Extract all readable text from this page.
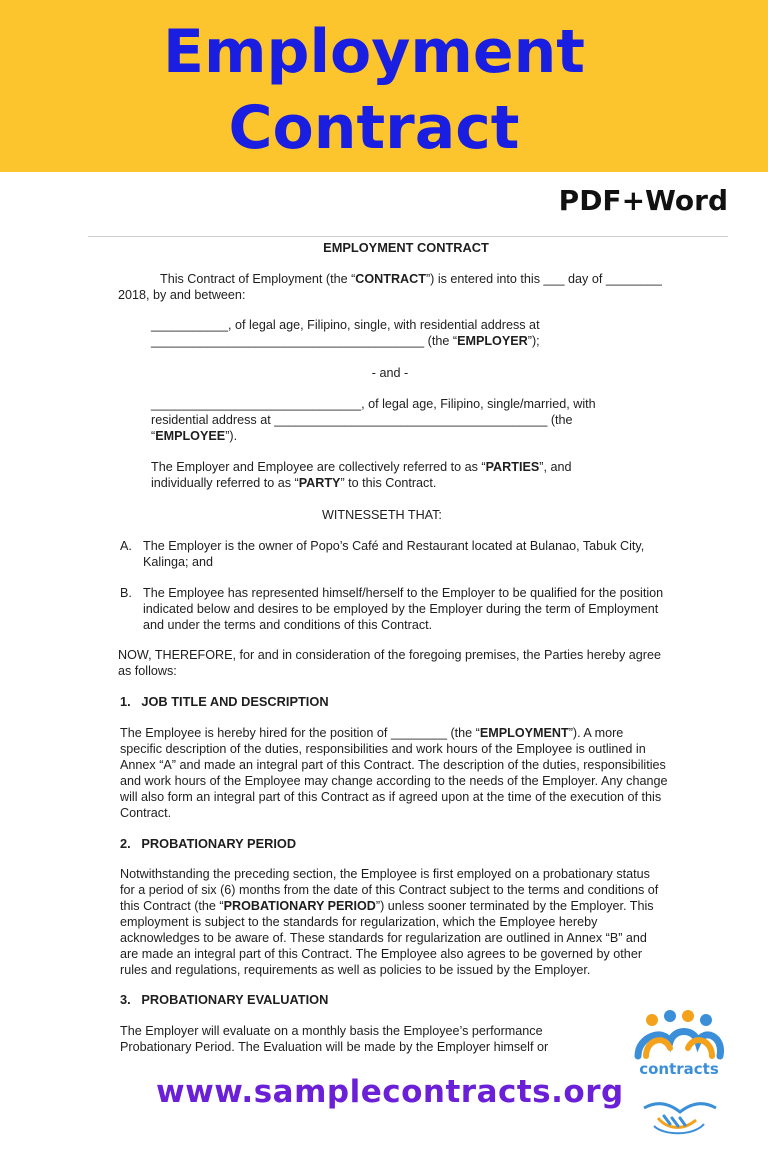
Employment
Contract
PDF+Word
EMPLOYMENT CONTRACT
This Contract of Employment (the “CONTRACT”) is entered into this ___ day of ________
2018, by and between:
___________, of legal age, Filipino, single, with residential address at
_______________________________________ (the “EMPLOYER”);
- and -
______________________________, of legal age, Filipino, single/married, with
residential address at _______________________________________ (the
“EMPLOYEE”).
The Employer and Employee are collectively referred to as “PARTIES”, and
individually referred to as “PARTY” to this Contract.
WITNESSETH THAT:
A. The Employer is the owner of Popo’s Café and Restaurant located at Bulanao, Tabuk City,
Kalinga; and
B. The Employee has represented himself/herself to the Employer to be qualified for the position
indicated below and desires to be employed by the Employer during the term of Employment
and under the terms and conditions of this Contract.
NOW, THEREFORE, for and in consideration of the foregoing premises, the Parties hereby agree
as follows:
1.   JOB TITLE AND DESCRIPTION
The Employee is hereby hired for the position of ________ (the “EMPLOYMENT”). A more
specific description of the duties, responsibilities and work hours of the Employee is outlined in
Annex “A” and made an integral part of this Contract. The description of the duties, responsibilities
and work hours of the Employee may change according to the needs of the Employer. Any change
will also form an integral part of this Contract as if agreed upon at the time of the execution of this
Contract.
2.   PROBATIONARY PERIOD
Notwithstanding the preceding section, the Employee is first employed on a probationary status
for a period of six (6) months from the date of this Contract subject to the terms and conditions of
this Contract (the “PROBATIONARY PERIOD”) unless sooner terminated by the Employer. This
employment is subject to the standards for regularization, which the Employee hereby
acknowledges to be aware of. These standards for regularization are outlined in Annex “B” and
are made an integral part of this Contract. The Employee also agrees to be governed by other
rules and regulations, requirements as well as policies to be issued by the Employer.
3.   PROBATIONARY EVALUATION
The Employer will evaluate on a monthly basis the Employee’s performance
Probationary Period. The Evaluation will be made by the Employer himself or
www.samplecontracts.org
contracts
